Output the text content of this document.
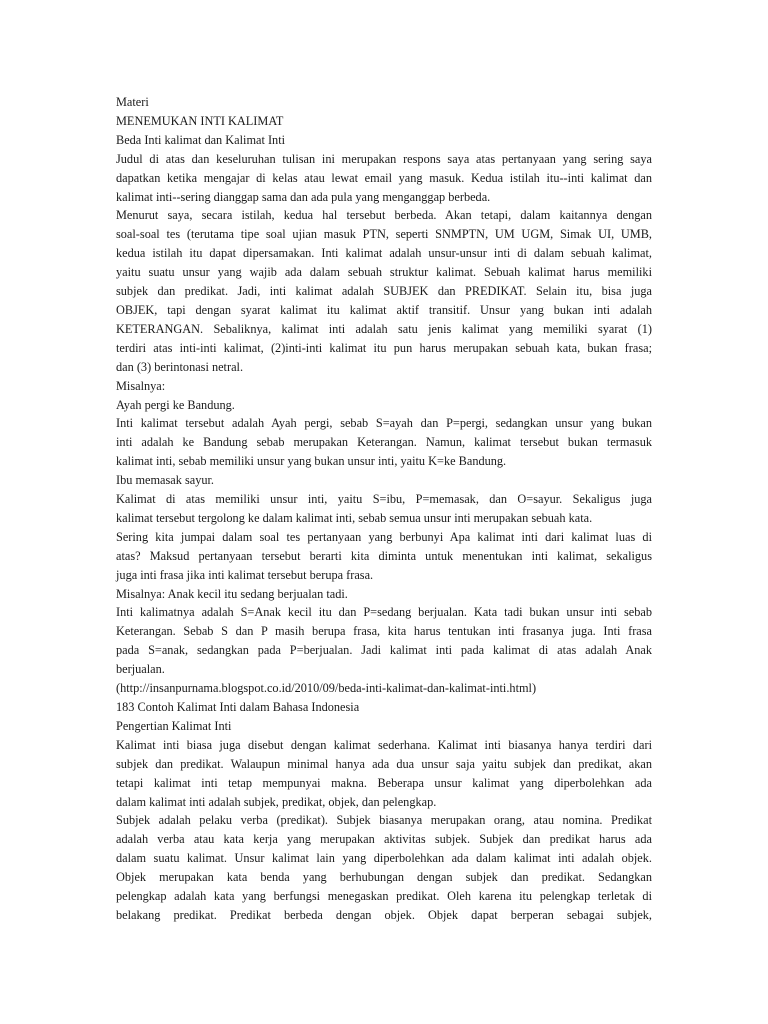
Materi
MENEMUKAN INTI KALIMAT
Beda Inti kalimat dan Kalimat Inti
Judul di atas dan keseluruhan tulisan ini merupakan respons saya atas pertanyaan yang sering saya
dapatkan ketika mengajar di kelas atau lewat email yang masuk. Kedua istilah itu--inti kalimat dan
kalimat inti--sering dianggap sama dan ada pula yang menganggap berbeda.
Menurut saya, secara istilah, kedua hal tersebut berbeda. Akan tetapi, dalam kaitannya dengan
soal-soal tes (terutama tipe soal ujian masuk PTN, seperti SNMPTN, UM UGM, Simak UI, UMB,
kedua istilah itu dapat dipersamakan. Inti kalimat adalah unsur-unsur inti di dalam sebuah kalimat,
yaitu suatu unsur yang wajib ada dalam sebuah struktur kalimat. Sebuah kalimat harus memiliki
subjek dan predikat. Jadi, inti kalimat adalah SUBJEK dan PREDIKAT. Selain itu, bisa juga
OBJEK, tapi dengan syarat kalimat itu kalimat aktif transitif. Unsur yang bukan inti adalah
KETERANGAN. Sebaliknya, kalimat inti adalah satu jenis kalimat yang memiliki syarat (1)
terdiri atas inti-inti kalimat, (2)inti-inti kalimat itu pun harus merupakan sebuah kata, bukan frasa;
dan (3) berintonasi netral.
Misalnya:
Ayah pergi ke Bandung.
Inti kalimat tersebut adalah Ayah pergi, sebab S=ayah dan P=pergi, sedangkan unsur yang bukan
inti adalah ke Bandung sebab merupakan Keterangan. Namun, kalimat tersebut bukan termasuk
kalimat inti, sebab memiliki unsur yang bukan unsur inti, yaitu K=ke Bandung.
Ibu memasak sayur.
Kalimat di atas memiliki unsur inti, yaitu S=ibu, P=memasak, dan O=sayur. Sekaligus juga
kalimat tersebut tergolong ke dalam kalimat inti, sebab semua unsur inti merupakan sebuah kata.
Sering kita jumpai dalam soal tes pertanyaan yang berbunyi Apa kalimat inti dari kalimat luas di
atas? Maksud pertanyaan tersebut berarti kita diminta untuk menentukan inti kalimat, sekaligus
juga inti frasa jika inti kalimat tersebut berupa frasa.
Misalnya: Anak kecil itu sedang berjualan tadi.
Inti kalimatnya adalah S=Anak kecil itu dan P=sedang berjualan. Kata tadi bukan unsur inti sebab
Keterangan. Sebab S dan P masih berupa frasa, kita harus tentukan inti frasanya juga. Inti frasa
pada S=anak, sedangkan pada P=berjualan. Jadi kalimat inti pada kalimat di atas adalah Anak
berjualan.
(http://insanpurnama.blogspot.co.id/2010/09/beda-inti-kalimat-dan-kalimat-inti.html)
183 Contoh Kalimat Inti dalam Bahasa Indonesia
Pengertian Kalimat Inti
Kalimat inti biasa juga disebut dengan kalimat sederhana. Kalimat inti biasanya hanya terdiri dari
subjek dan predikat. Walaupun minimal hanya ada dua unsur saja yaitu subjek dan predikat, akan
tetapi kalimat inti tetap mempunyai makna. Beberapa unsur kalimat yang diperbolehkan ada
dalam kalimat inti adalah subjek, predikat, objek, dan pelengkap.
Subjek adalah pelaku verba (predikat). Subjek biasanya merupakan orang, atau nomina. Predikat
adalah verba atau kata kerja yang merupakan aktivitas subjek. Subjek dan predikat harus ada
dalam suatu kalimat. Unsur kalimat lain yang diperbolehkan ada dalam kalimat inti adalah objek.
Objek merupakan kata benda yang berhubungan dengan subjek dan predikat. Sedangkan
pelengkap adalah kata yang berfungsi menegaskan predikat. Oleh karena itu pelengkap terletak di
belakang predikat. Predikat berbeda dengan objek. Objek dapat berperan sebagai subjek,
